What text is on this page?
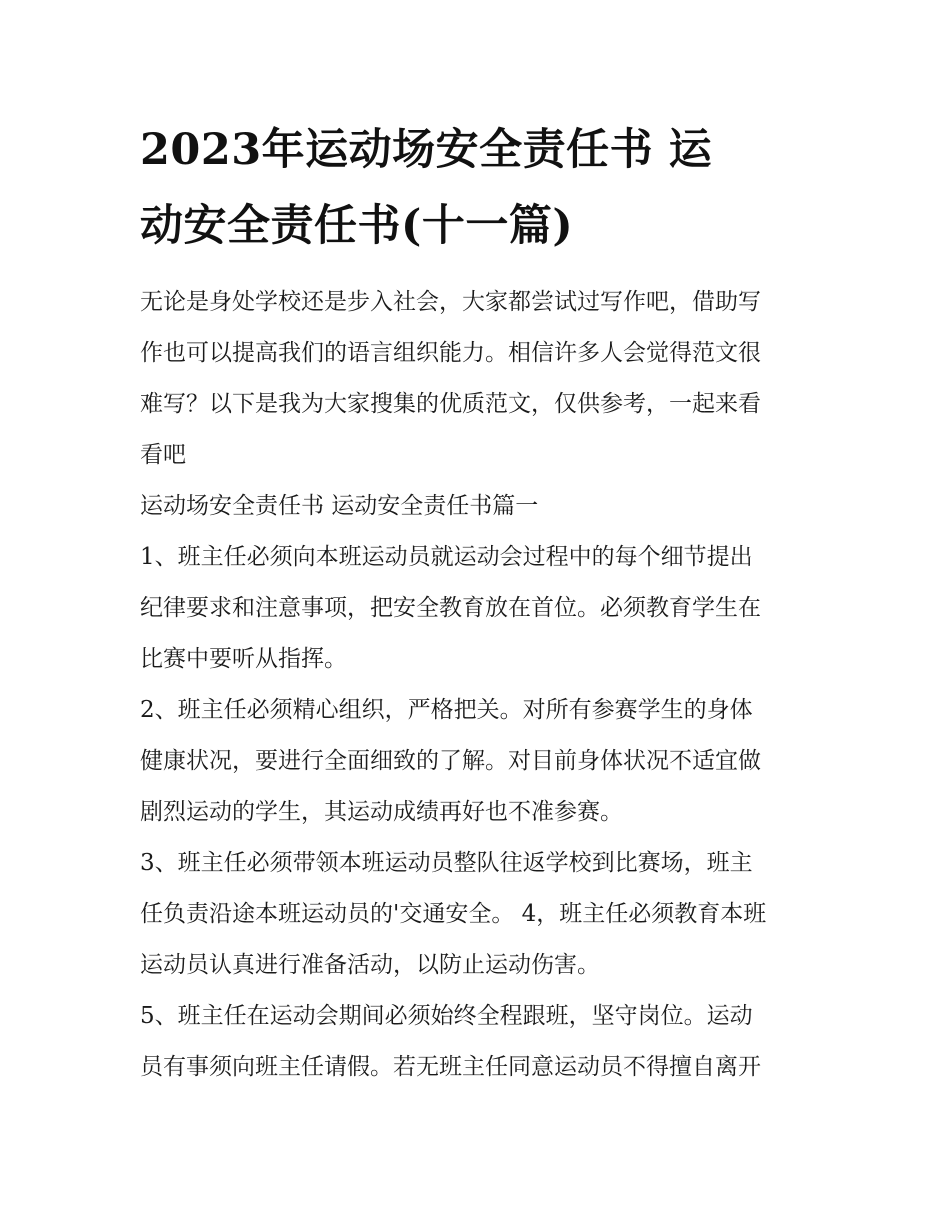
2023年运动场安全责任书 运
动安全责任书(十一篇)
无论是身处学校还是步入社会，大家都尝试过写作吧，借助写
作也可以提高我们的语言组织能力。相信许多人会觉得范文很
难写？以下是我为大家搜集的优质范文，仅供参考，一起来看
看吧
运动场安全责任书 运动安全责任书篇一
1、班主任必须向本班运动员就运动会过程中的每个细节提出
纪律要求和注意事项，把安全教育放在首位。必须教育学生在
比赛中要听从指挥。
2、班主任必须精心组织，严格把关。对所有参赛学生的身体
健康状况，要进行全面细致的了解。对目前身体状况不适宜做
剧烈运动的学生，其运动成绩再好也不准参赛。
3、班主任必须带领本班运动员整队往返学校到比赛场，班主
任负责沿途本班运动员的'交通安全。 4，班主任必须教育本班
运动员认真进行准备活动，以防止运动伤害。
5、班主任在运动会期间必须始终全程跟班，坚守岗位。运动
员有事须向班主任请假。若无班主任同意运动员不得擅自离开
